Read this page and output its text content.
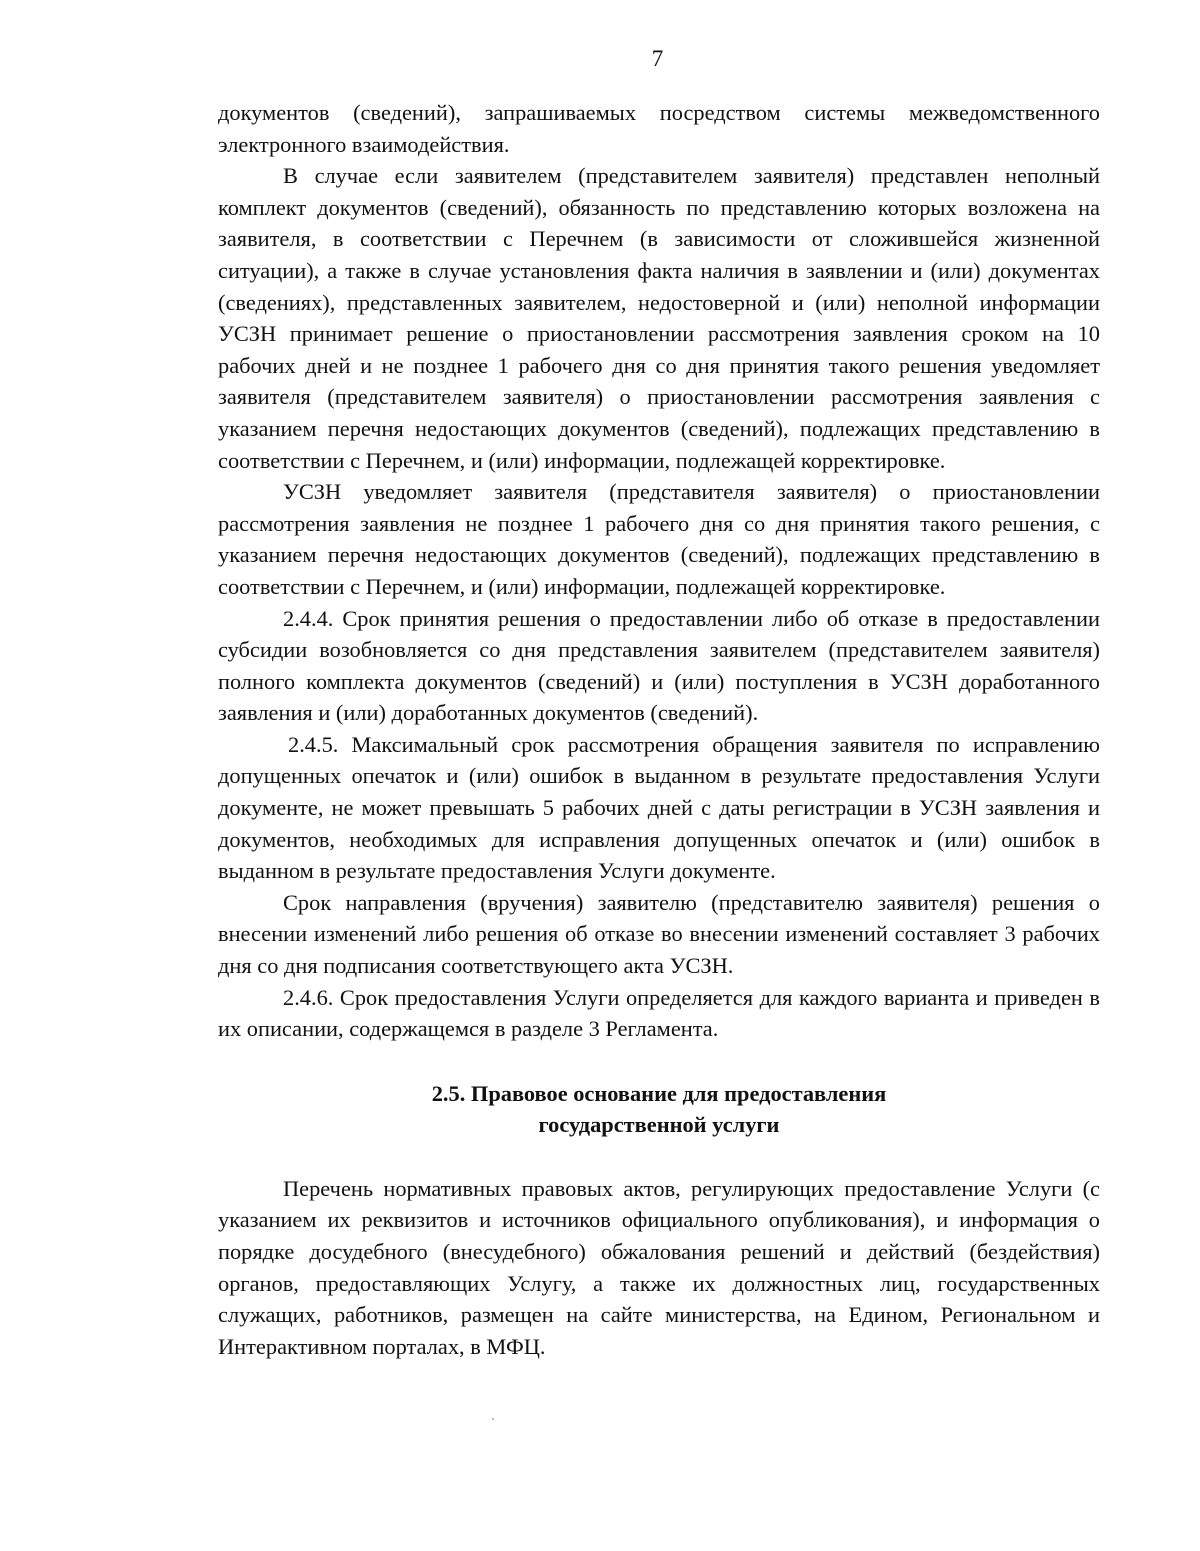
7

документов (сведений), запрашиваемых посредством системы межведомственного электронного взаимодействия.

В случае если заявителем (представителем заявителя) представлен неполный комплект документов (сведений), обязанность по представлению которых возложена на заявителя, в соответствии с Перечнем (в зависимости от сложившейся жизненной ситуации), а также в случае установления факта наличия в заявлении и (или) документах (сведениях), представленных заявителем, недостоверной и (или) неполной информации УСЗН принимает решение о приостановлении рассмотрения заявления сроком на 10 рабочих дней и не позднее 1 рабочего дня со дня принятия такого решения уведомляет заявителя (представителем заявителя) о приостановлении рассмотрения заявления с указанием перечня недостающих документов (сведений), подлежащих представлению в соответствии с Перечнем, и (или) информации, подлежащей корректировке.

УСЗН уведомляет заявителя (представителя заявителя) о приостановлении рассмотрения заявления не позднее 1 рабочего дня со дня принятия такого решения, с указанием перечня недостающих документов (сведений), подлежащих представлению в соответствии с Перечнем, и (или) информации, подлежащей корректировке.

2.4.4. Срок принятия решения о предоставлении либо об отказе в предоставлении субсидии возобновляется со дня представления заявителем (представителем заявителя) полного комплекта документов (сведений) и (или) поступления в УСЗН доработанного заявления и (или) доработанных документов (сведений).

2.4.5. Максимальный срок рассмотрения обращения заявителя по исправлению допущенных опечаток и (или) ошибок в выданном в результате предоставления Услуги документе, не может превышать 5 рабочих дней с даты регистрации в УСЗН заявления и документов, необходимых для исправления допущенных опечаток и (или) ошибок в выданном в результате предоставления Услуги документе.

Срок направления (вручения) заявителю (представителю заявителя) решения о внесении изменений либо решения об отказе во внесении изменений составляет 3 рабочих дня со дня подписания соответствующего акта УСЗН.

2.4.6. Срок предоставления Услуги определяется для каждого варианта и приведен в их описании, содержащемся в разделе 3 Регламента.

2.5. Правовое основание для предоставления
государственной услуги

Перечень нормативных правовых актов, регулирующих предоставление Услуги (с указанием их реквизитов и источников официального опубликования), и информация о порядке досудебного (внесудебного) обжалования решений и действий (бездействия) органов, предоставляющих Услугу, а также их должностных лиц, государственных служащих, работников, размещен на сайте министерства, на Едином, Региональном и Интерактивном порталах, в МФЦ.
